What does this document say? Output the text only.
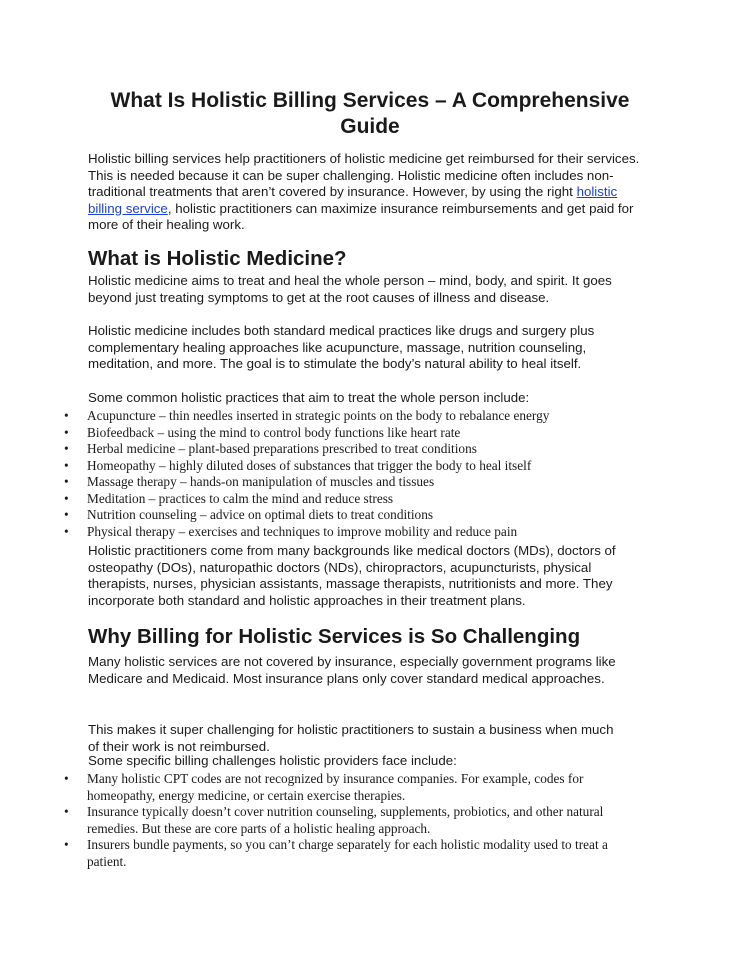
What Is Holistic Billing Services – A Comprehensive Guide

Holistic billing services help practitioners of holistic medicine get reimbursed for their services. This is needed because it can be super challenging. Holistic medicine often includes non-traditional treatments that aren’t covered by insurance. However, by using the right holistic billing service, holistic practitioners can maximize insurance reimbursements and get paid for more of their healing work.

What is Holistic Medicine?

Holistic medicine aims to treat and heal the whole person – mind, body, and spirit. It goes beyond just treating symptoms to get at the root causes of illness and disease.

Holistic medicine includes both standard medical practices like drugs and surgery plus complementary healing approaches like acupuncture, massage, nutrition counseling, meditation, and more. The goal is to stimulate the body’s natural ability to heal itself.

Some common holistic practices that aim to treat the whole person include:

• Acupuncture – thin needles inserted in strategic points on the body to rebalance energy
• Biofeedback – using the mind to control body functions like heart rate
• Herbal medicine – plant-based preparations prescribed to treat conditions
• Homeopathy – highly diluted doses of substances that trigger the body to heal itself
• Massage therapy – hands-on manipulation of muscles and tissues
• Meditation – practices to calm the mind and reduce stress
• Nutrition counseling – advice on optimal diets to treat conditions
• Physical therapy – exercises and techniques to improve mobility and reduce pain

Holistic practitioners come from many backgrounds like medical doctors (MDs), doctors of osteopathy (DOs), naturopathic doctors (NDs), chiropractors, acupuncturists, physical therapists, nurses, physician assistants, massage therapists, nutritionists and more. They incorporate both standard and holistic approaches in their treatment plans.

Why Billing for Holistic Services is So Challenging

Many holistic services are not covered by insurance, especially government programs like Medicare and Medicaid. Most insurance plans only cover standard medical approaches.

This makes it super challenging for holistic practitioners to sustain a business when much of their work is not reimbursed.

Some specific billing challenges holistic providers face include:

• Many holistic CPT codes are not recognized by insurance companies. For example, codes for homeopathy, energy medicine, or certain exercise therapies.
• Insurance typically doesn’t cover nutrition counseling, supplements, probiotics, and other natural remedies. But these are core parts of a holistic healing approach.
• Insurers bundle payments, so you can’t charge separately for each holistic modality used to treat a patient.
